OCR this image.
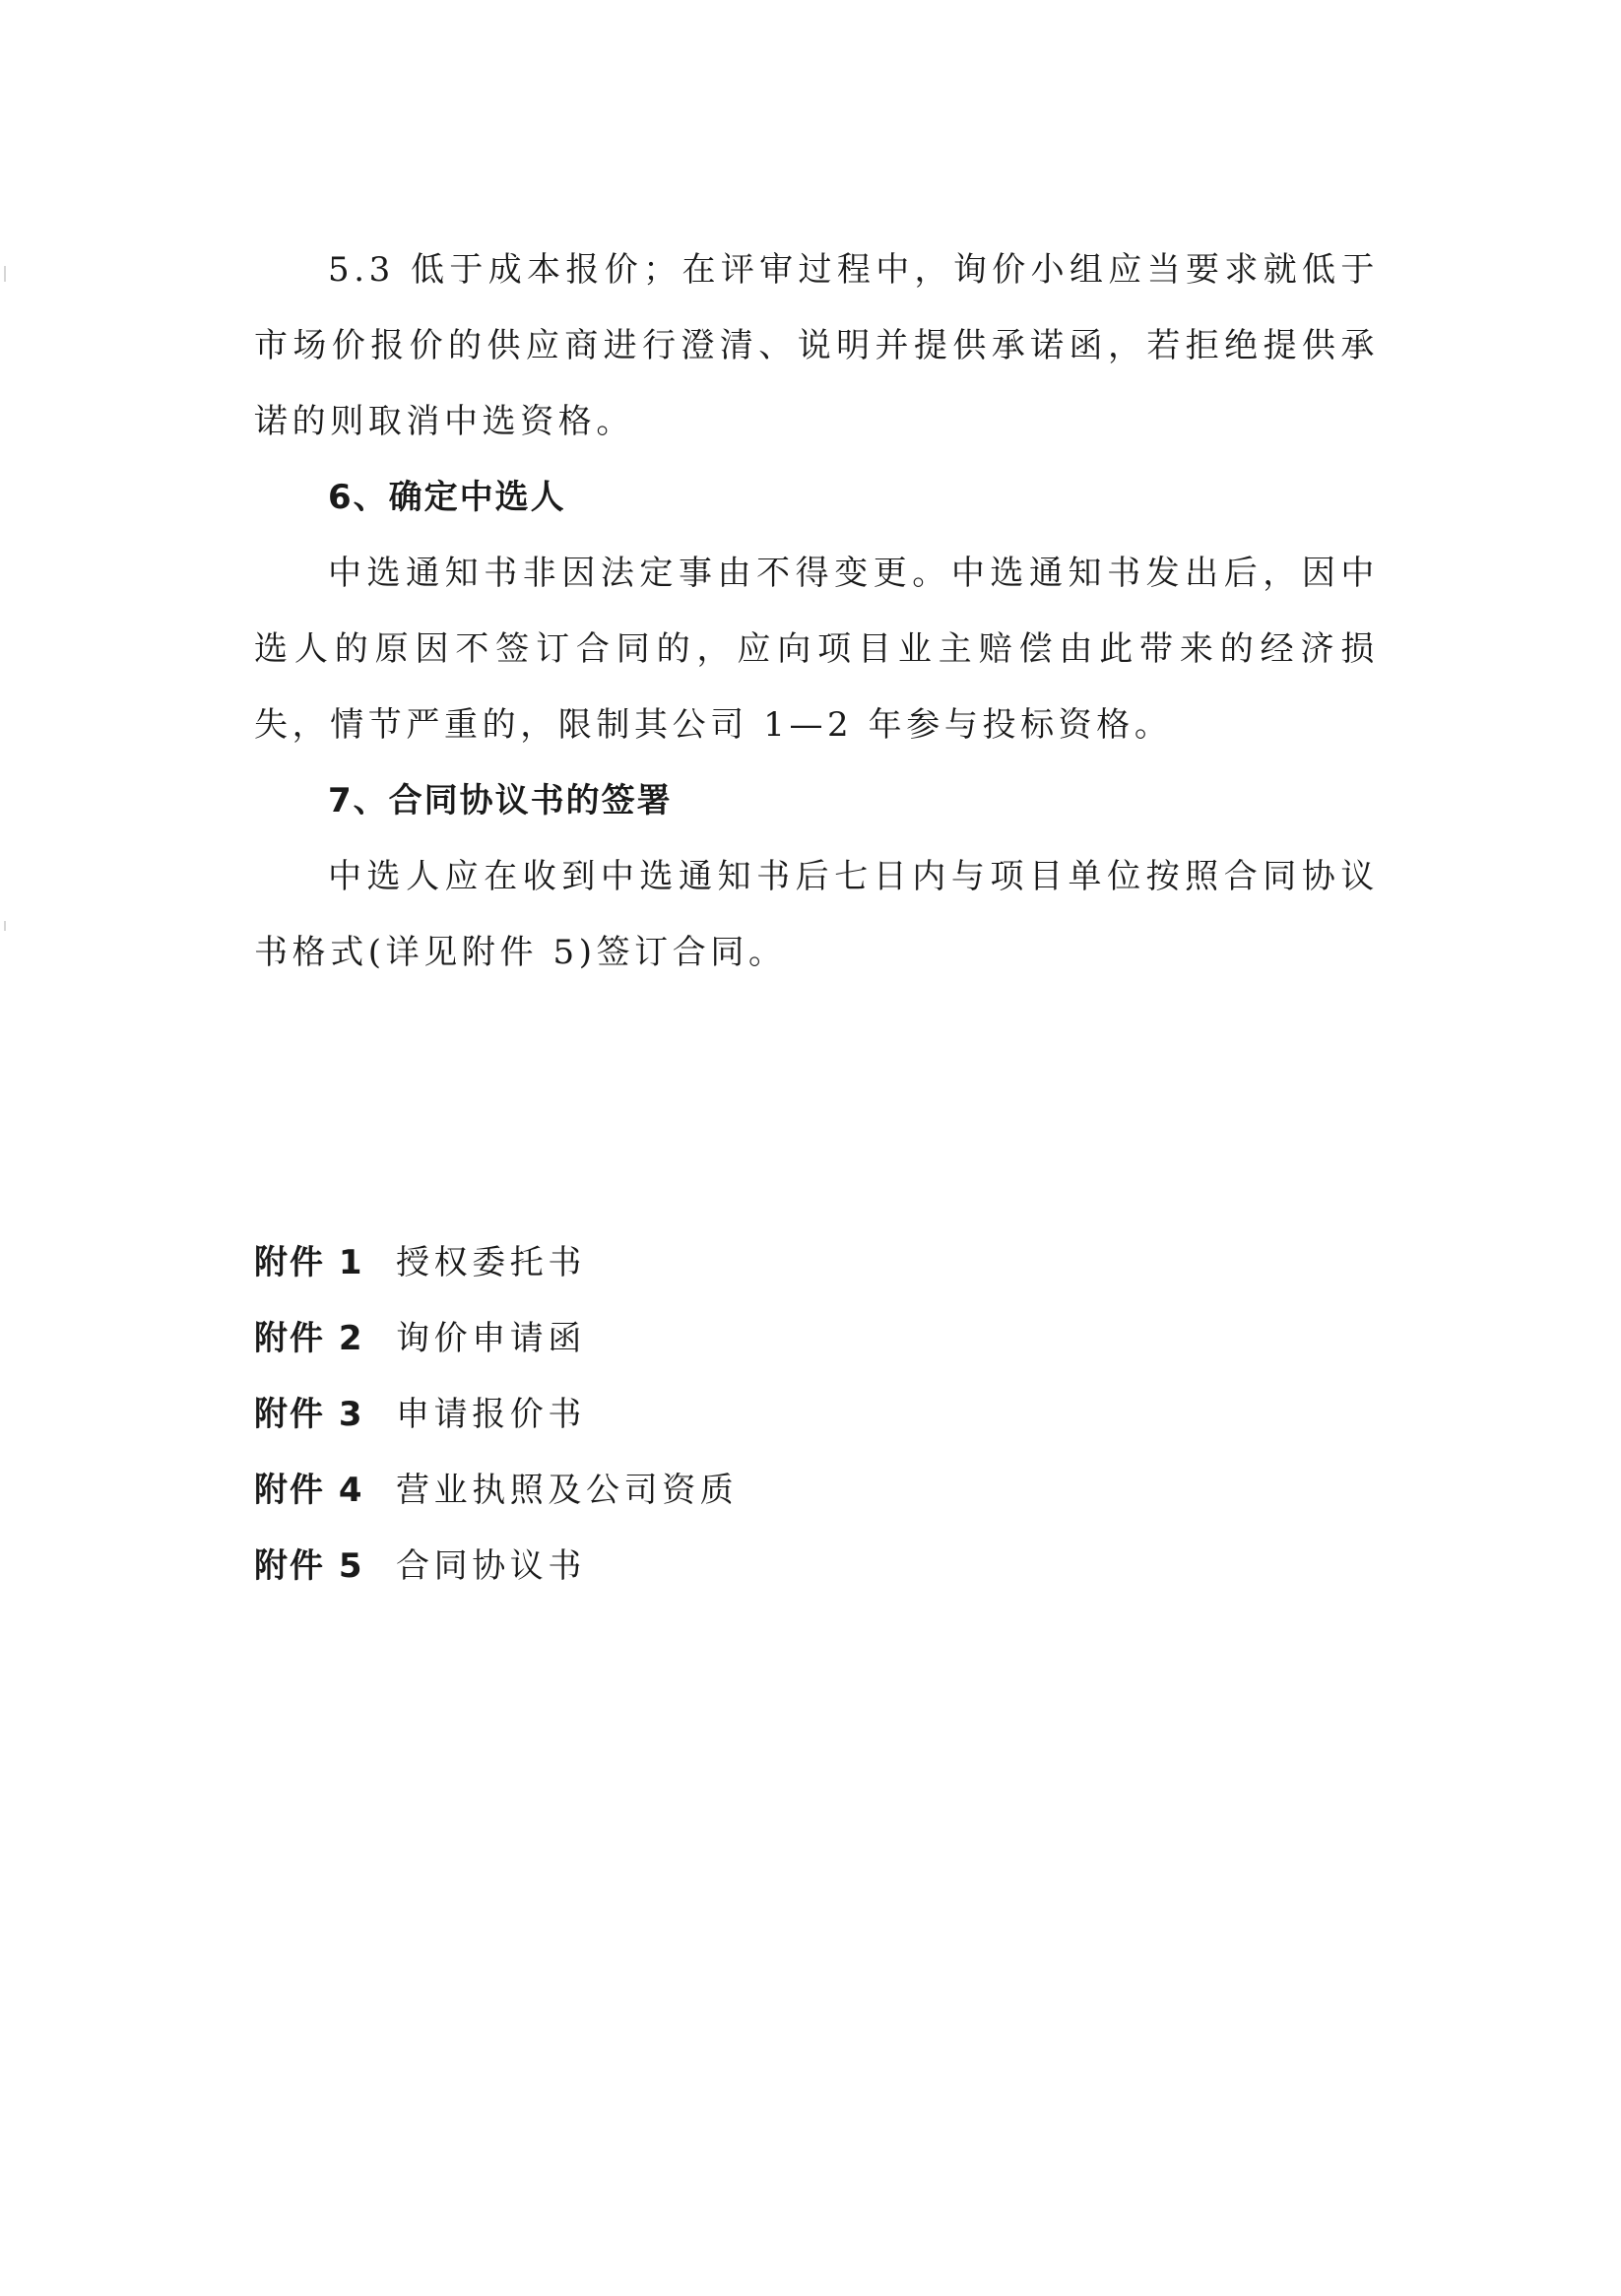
5.3 低于成本报价；在评审过程中，询价小组应当要求就低于市场价报价的供应商进行澄清、说明并提供承诺函，若拒绝提供承诺的则取消中选资格。

6、确定中选人

中选通知书非因法定事由不得变更。中选通知书发出后，因中选人的原因不签订合同的，应向项目业主赔偿由此带来的经济损失，情节严重的，限制其公司 1—2 年参与投标资格。

7、合同协议书的签署

中选人应在收到中选通知书后七日内与项目单位按照合同协议书格式(详见附件 5)签订合同。

附件 1 授权委托书
附件 2 询价申请函
附件 3 申请报价书
附件 4 营业执照及公司资质
附件 5 合同协议书
